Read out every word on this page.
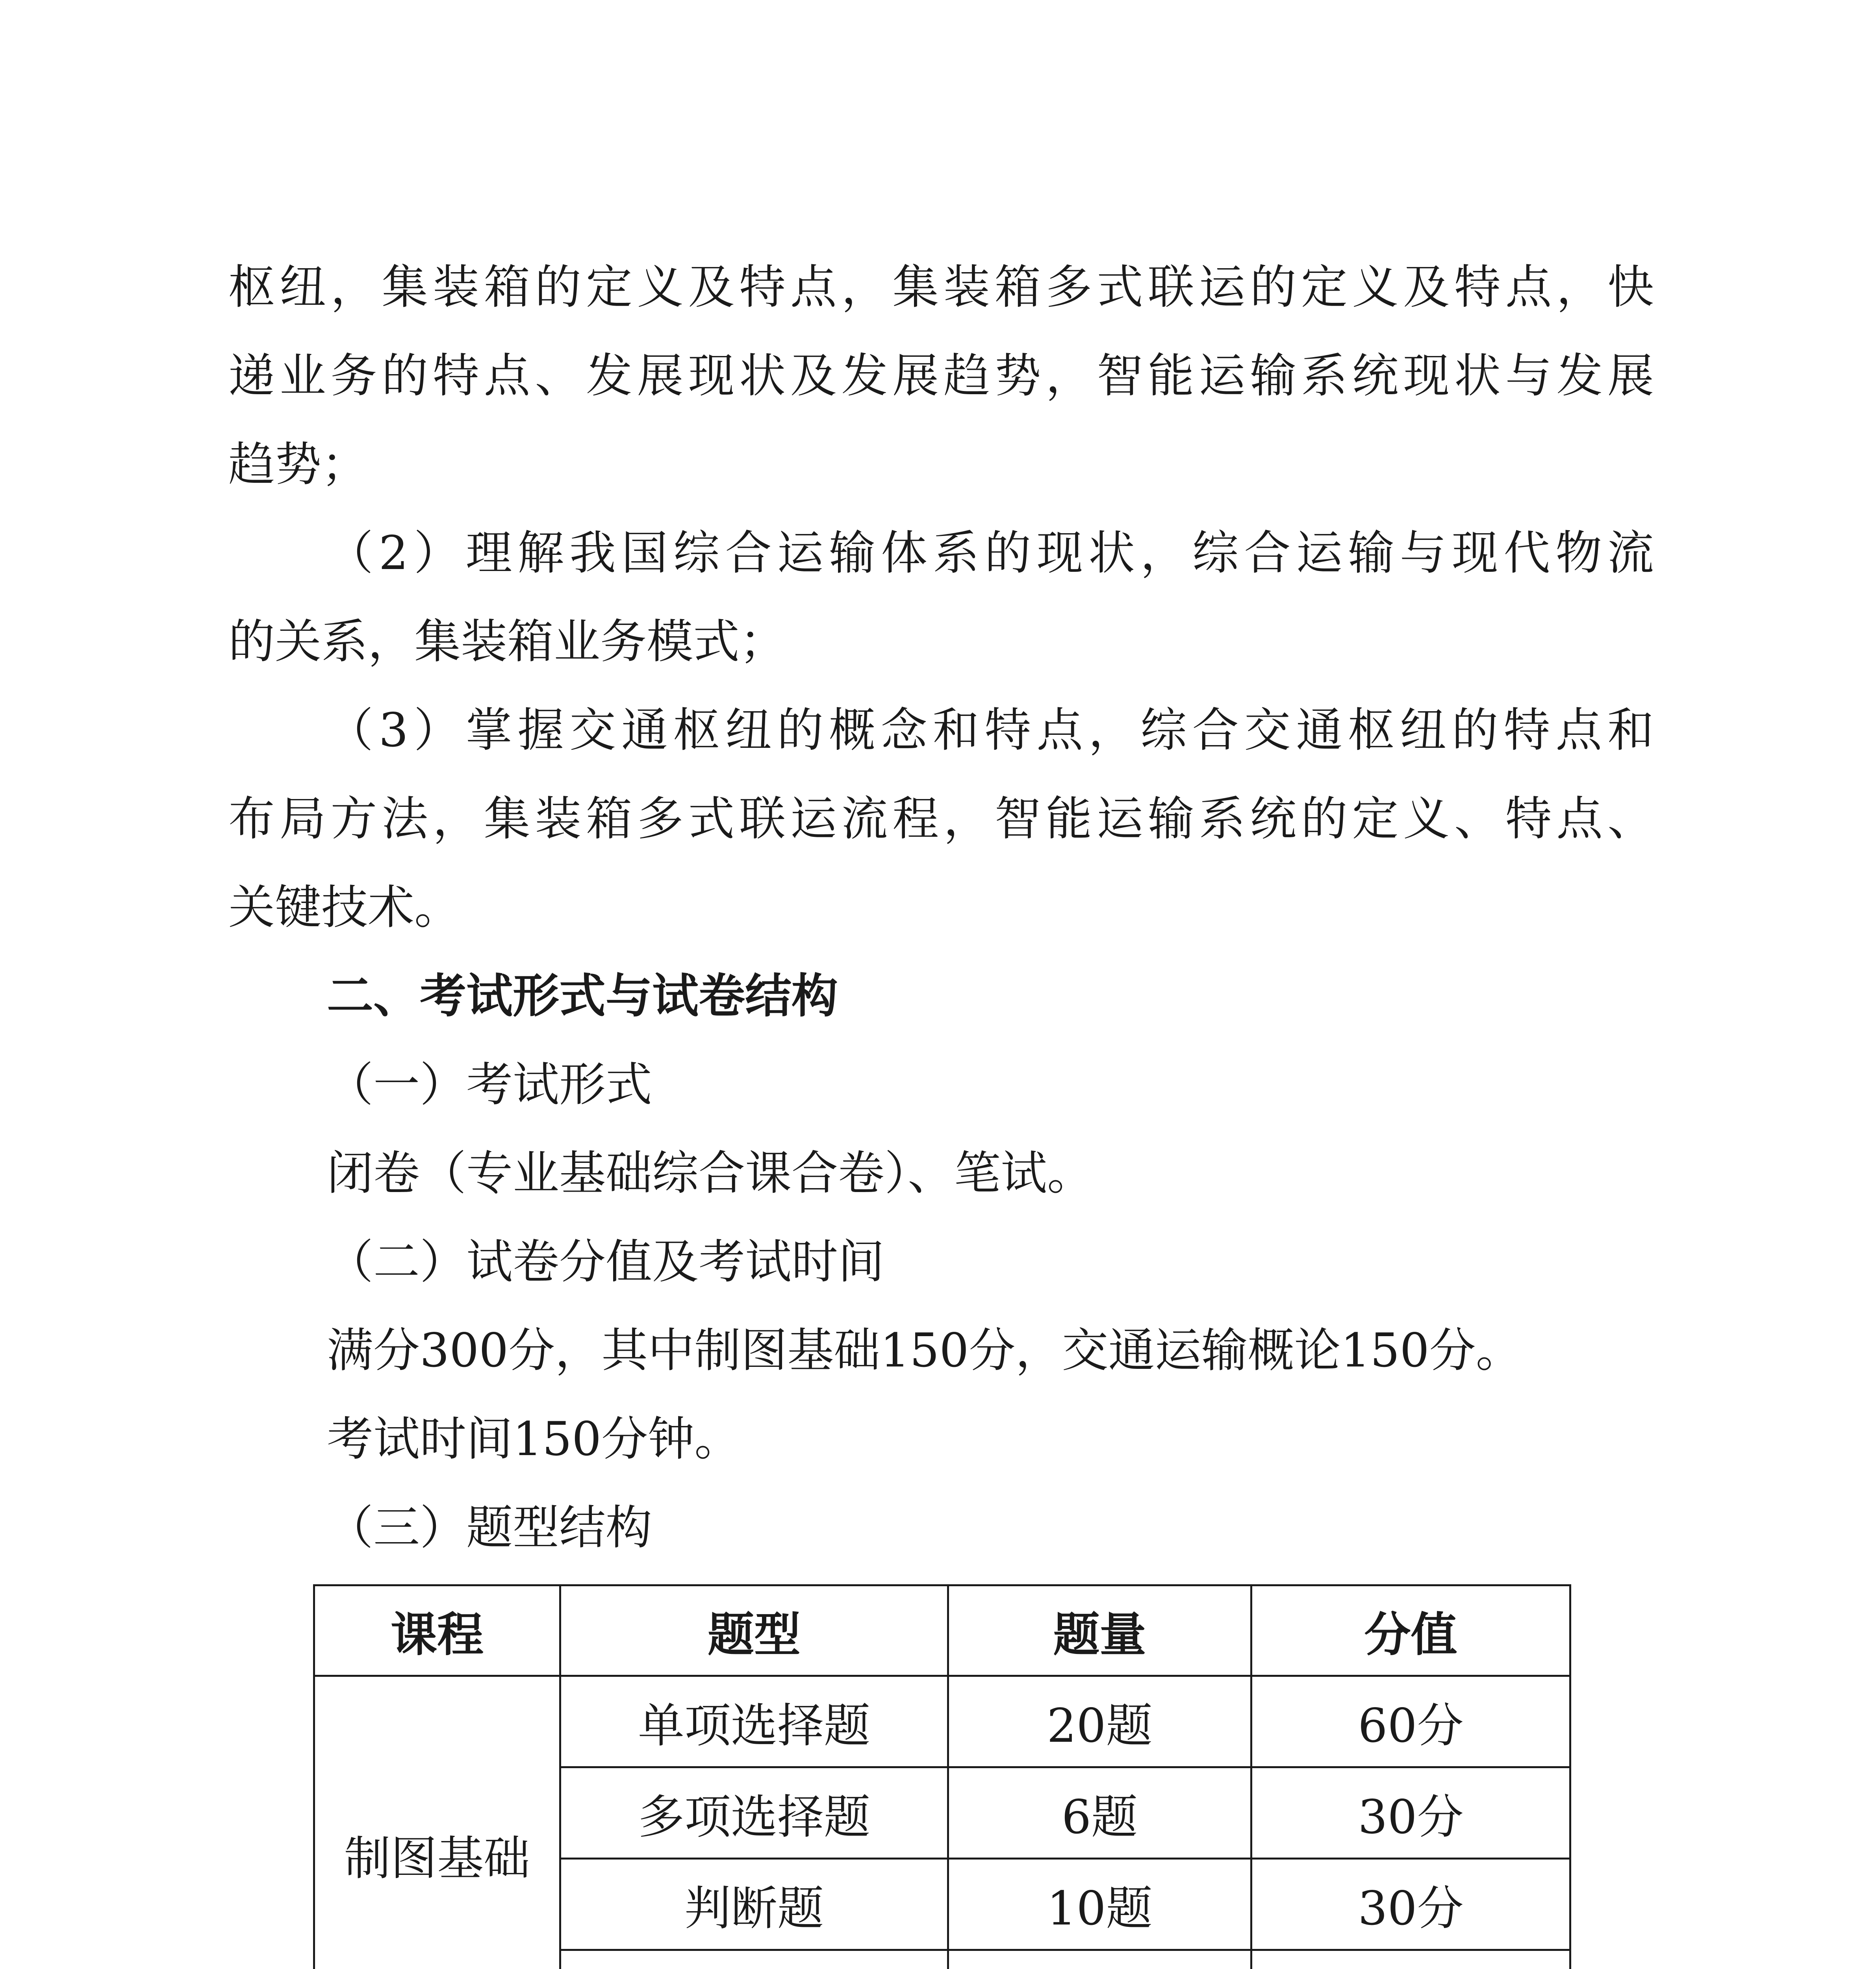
枢纽，集装箱的定义及特点，集装箱多式联运的定义及特点，快

递业务的特点、发展现状及发展趋势，智能运输系统现状与发展

趋势；

（2）理解我国综合运输体系的现状，综合运输与现代物流

的关系，集装箱业务模式；

（3）掌握交通枢纽的概念和特点，综合交通枢纽的特点和

布局方法，集装箱多式联运流程，智能运输系统的定义、特点、

关键技术。

二、考试形式与试卷结构

（一）考试形式

闭卷（专业基础综合课合卷）、笔试。

（二）试卷分值及考试时间

满分300分，其中制图基础150分，交通运输概论150分。

考试时间150分钟。

（三）题型结构

课程	题型	题量	分值

制图基础	单项选择题	20题	60分
	多项选择题	6题	30分
	判断题	10题	30分
